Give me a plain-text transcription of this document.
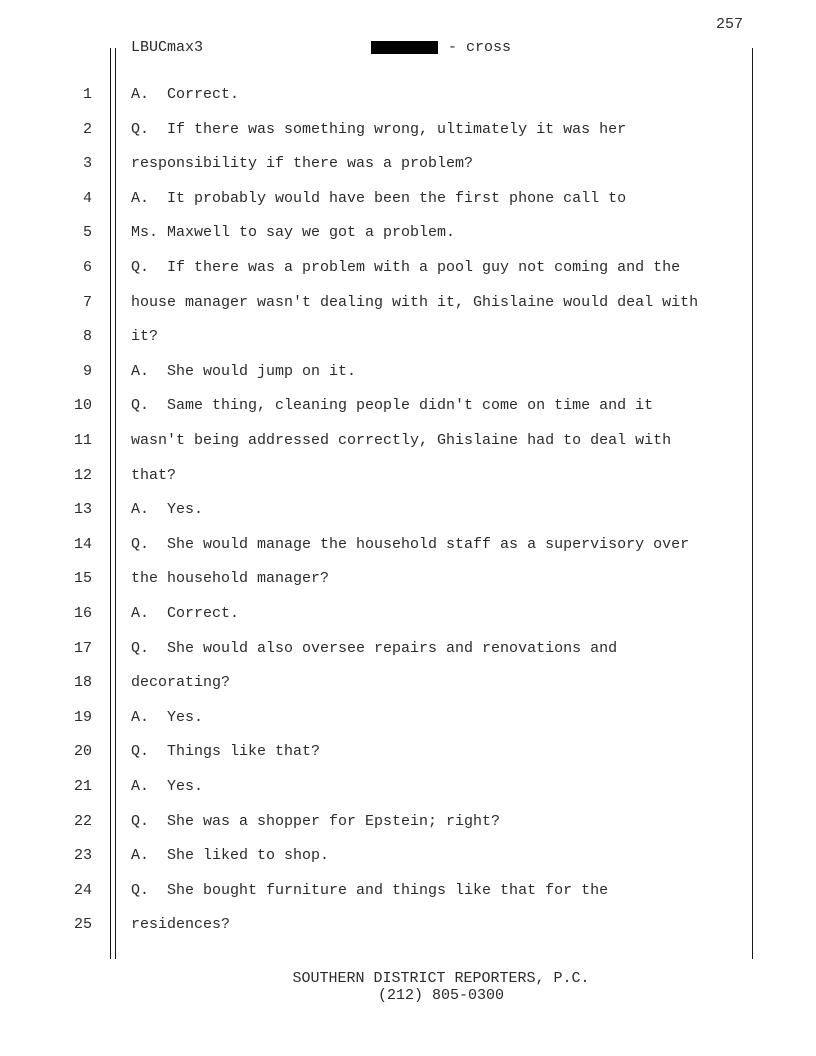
257
LBUCmax3	- cross
1	A.  Correct.
2	Q.  If there was something wrong, ultimately it was her
3	responsibility if there was a problem?
4	A.  It probably would have been the first phone call to
5	Ms. Maxwell to say we got a problem.
6	Q.  If there was a problem with a pool guy not coming and the
7	house manager wasn't dealing with it, Ghislaine would deal with
8	it?
9	A.  She would jump on it.
10	Q.  Same thing, cleaning people didn't come on time and it
11	wasn't being addressed correctly, Ghislaine had to deal with
12	that?
13	A.  Yes.
14	Q.  She would manage the household staff as a supervisory over
15	the household manager?
16	A.  Correct.
17	Q.  She would also oversee repairs and renovations and
18	decorating?
19	A.  Yes.
20	Q.  Things like that?
21	A.  Yes.
22	Q.  She was a shopper for Epstein; right?
23	A.  She liked to shop.
24	Q.  She bought furniture and things like that for the
25	residences?
SOUTHERN DISTRICT REPORTERS, P.C.
(212) 805-0300
